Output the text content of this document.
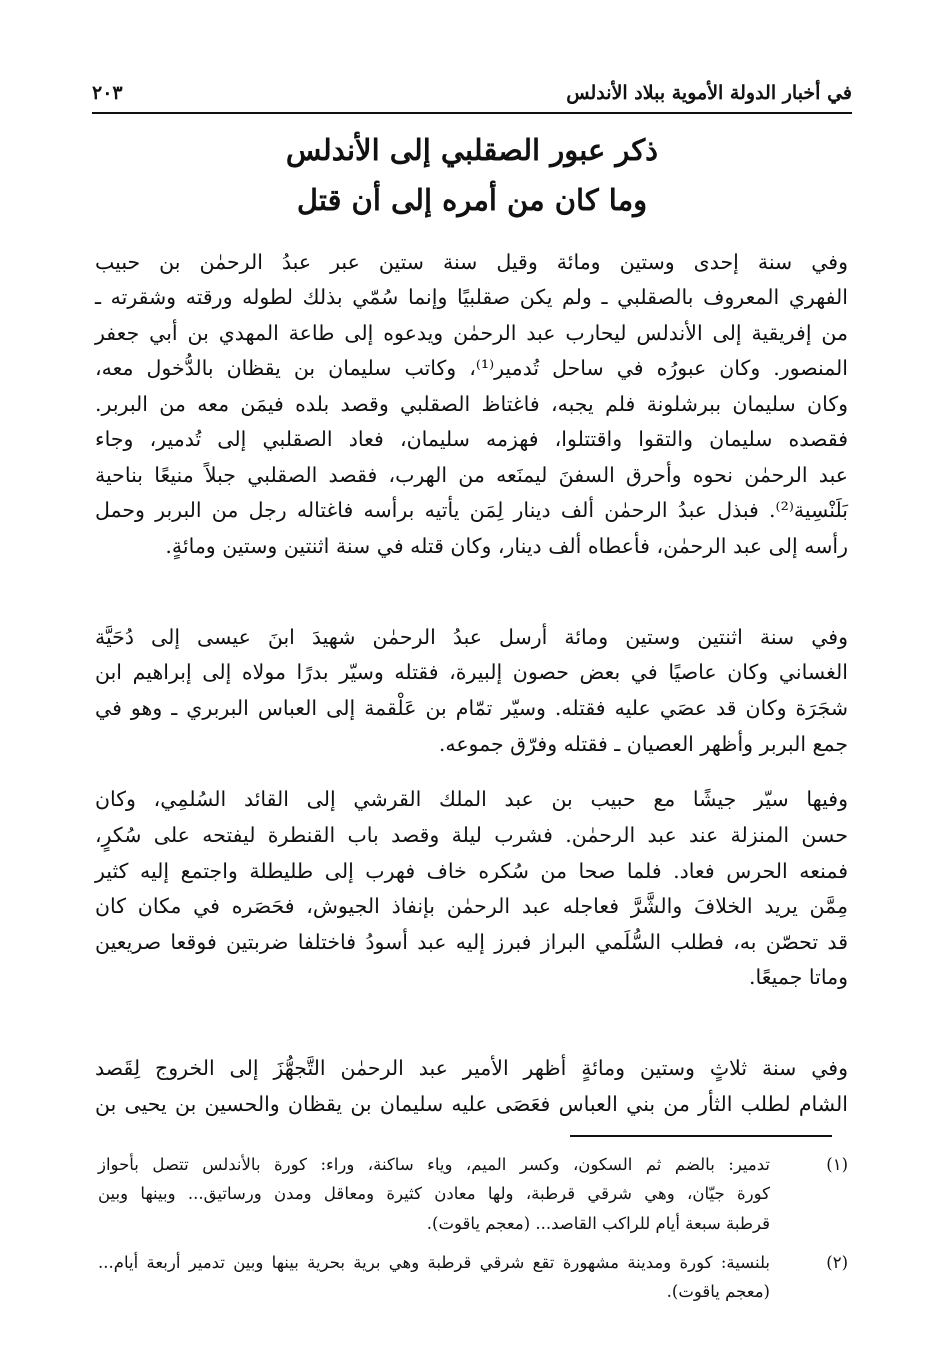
في أخبار الدولة الأموية ببلاد الأندلس
٢٠٣
ذكر عبور الصقلبي إلى الأندلس
وما كان من أمره إلى أن قتل
وفي سنة إحدى وستين ومائة وقيل سنة ستين عبر عبدُ الرحمٰن بن حبيب
الفهري المعروف بالصقلبي ـ ولم يكن صقلبيًا وإنما سُمّي بذلك لطوله ورقته وشقرته ـ
من إفريقية إلى الأندلس ليحارب عبد الرحمٰن ويدعوه إلى طاعة المهدي بن أبي جعفر
المنصور. وكان عبورُه في ساحل تُدمير⁽¹⁾، وكاتب سليمان بن يقظان بالدُّخول معه،
وكان سليمان ببرشلونة فلم يجبه، فاغتاظ الصقلبي وقصد بلده فيمَن معه من البربر.
فقصده سليمان والتقوا واقتتلوا، فهزمه سليمان، فعاد الصقلبي إلى تُدمير، وجاء
عبد الرحمٰن نحوه وأحرق السفنَ ليمنَعه من الهرب، فقصد الصقلبي جبلاً منيعًا بناحية
بَلَنْسِية⁽²⁾. فبذل عبدُ الرحمٰن ألف دينار لِمَن يأتيه برأسه فاغتاله رجل من البربر وحمل
رأسه إلى عبد الرحمٰن، فأعطاه ألف دينار، وكان قتله في سنة اثنتين وستين ومائةٍ.
وفي سنة اثنتين وستين ومائة أرسل عبدُ الرحمٰن شهيدَ ابنَ عيسى إلى دُحَيَّة
الغساني وكان عاصيًا في بعض حصون إلبيرة، فقتله وسيّر بدرًا مولاه إلى إبراهيم ابن
شجَرَة وكان قد عصَي عليه فقتله. وسيّر تمّام بن عَلْقمة إلى العباس البربري ـ وهو في
جمع البربر وأظهر العصيان ـ فقتله وفرّق جموعه.
وفيها سيّر جيشًا مع حبيب بن عبد الملك القرشي إلى القائد السُلمِي، وكان
حسن المنزلة عند عبد الرحمٰن. فشرب ليلة وقصد باب القنطرة ليفتحه على سُكرٍ،
فمنعه الحرس فعاد. فلما صحا من سُكره خاف فهرب إلى طليطلة واجتمع إليه كثير
مِمَّن يريد الخلافَ والشَّرَّ فعاجله عبد الرحمٰن بإنفاذ الجيوش، فحَصَره في مكان كان
قد تحصّن به، فطلب السُّلَمي البراز فبرز إليه عبد أسودُ فاختلفا ضربتين فوقعا صريعين
وماتا جميعًا.
وفي سنة ثلاثٍ وستين ومائةٍ أظهر الأمير عبد الرحمٰن التَّجهُّزَ إلى الخروج لِقَصد
الشام لطلب الثأر من بني العباس فعَصَى عليه سليمان بن يقظان والحسين بن يحيى بن
(١)
تدمير: بالضم ثم السكون، وكسر الميم، وياء ساكنة، وراء: كورة بالأندلس تتصل بأحواز
كورة جيّان، وهي شرقي قرطبة، ولها معادن كثيرة ومعاقل ومدن ورساتيق... وبينها وبين
قرطبة سبعة أيام للراكب القاصد... (معجم ياقوت).
(٢)
بلنسية: كورة ومدينة مشهورة تقع شرقي قرطبة وهي برية بحرية بينها وبين تدمير أربعة أيام...
(معجم ياقوت).
